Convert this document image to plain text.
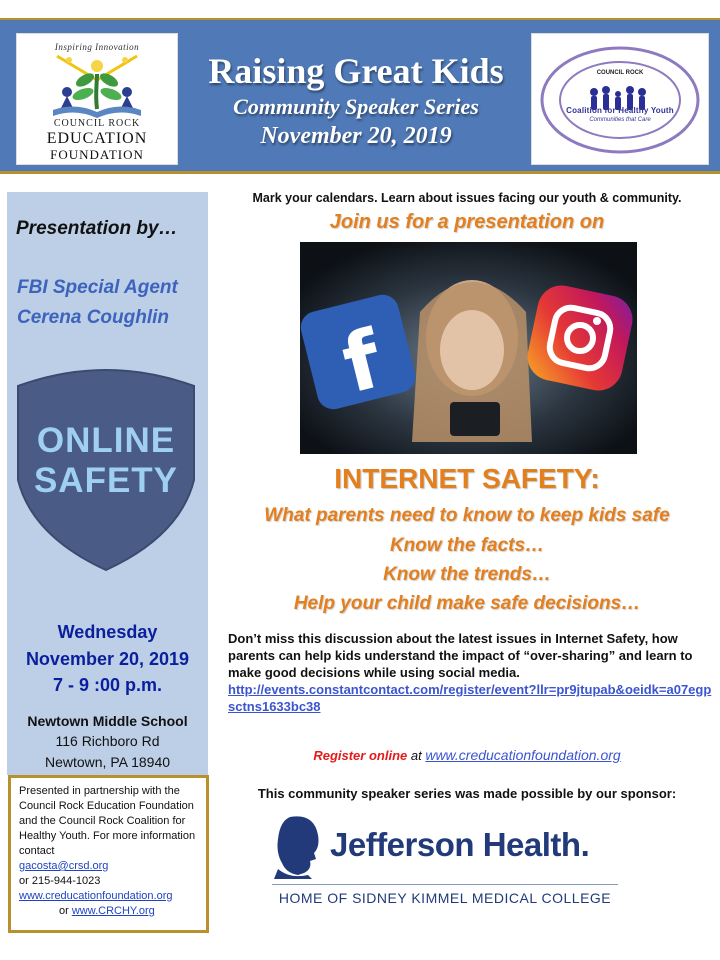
Inspiring Innovation
COUNCIL ROCK
EDUCATION
FOUNDATION
Raising Great Kids
Community Speaker Series
November 20, 2019
COUNCIL ROCK
Coalition for Healthy Youth
Communities that Care
Presentation by…
FBI Special Agent
Cerena Coughlin
ONLINE
SAFETY
Wednesday
November 20, 2019
7 - 9 :00 p.m.
Newtown Middle School
116 Richboro Rd
Newtown, PA 18940
Presented in partnership with the Council Rock Education Foundation and the Council Rock Coalition for Healthy Youth. For more information contact
gacosta@crsd.org
or 215-944-1023
www.creducationfoundation.org
or www.CRCHY.org
Mark your calendars. Learn about issues facing our youth & community.
Join us for a presentation on
f
INTERNET SAFETY:
What parents need to know to keep kids safe
Know the facts…
Know the trends…
Help your child make safe decisions…
Don’t miss this discussion about the latest issues in Internet Safety, how parents can help kids understand the impact of “over-sharing” and learn to make good decisions while using social media.
http://events.constantcontact.com/register/event?llr=pr9jtupab&oeidk=a07egpsctns1633bc38
Register online at www.creducationfoundation.org
This community speaker series was made possible by our sponsor:
Jefferson Health.
HOME OF SIDNEY KIMMEL MEDICAL COLLEGE
